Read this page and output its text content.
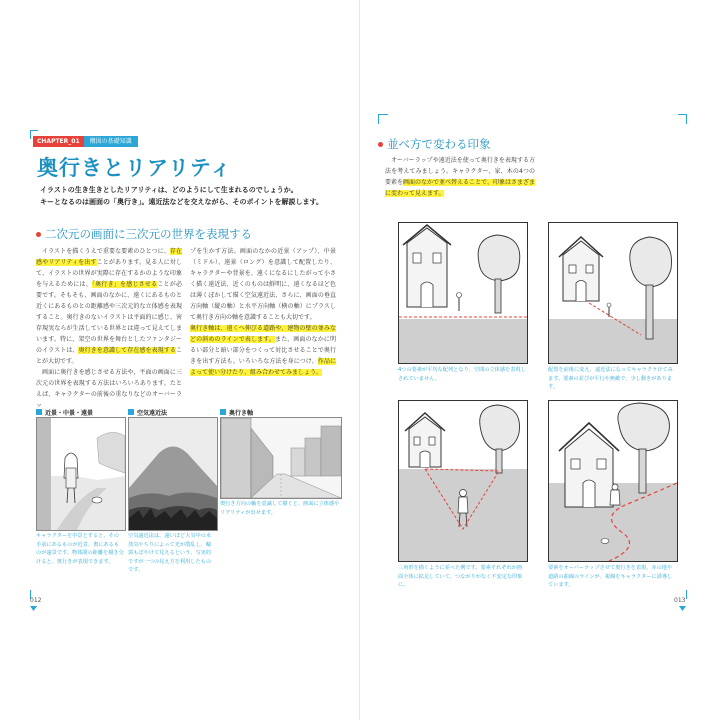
CHAPTER_01	構図の基礎知識
奥行きとリアリティ
イラストの生き生きとしたリアリティは、どのようにして生まれるのでしょうか。
キーとなるのは画面の「奥行き」。遠近法などを交えながら、そのポイントを解説します。
二次元の画面に三次元の世界を表現する
イラストを描くうえで重要な要素のひとつに、存在感やリアリティを出すことがあります。見る人に対して、イラストの世界が実際に存在するかのような印象を与えるためには、「奥行き」を感じさせることが必要です。そもそも、画面のなかに、遠くにあるものと近くにあるものとの距離感や三次元的な立体感を表現すること。奥行きのないイラストは平面的に感じ、害存現実ならが生活している世界とは違って見えてしまいます。特に、架空の世界を舞台としたファンタジーのイラストは、奥行きを意識して存在感を表現することが大切です。
画面に奥行きを感じさせる方法や、平面の画面に三次元の世界を表現する方法はいろいろあります。たとえば、キャラクターの前後の重なりなどのオーバーラッ
プを生かす方法。画面のなかの近景（アップ）、中景（ミドル）、遠景（ロング）を意識して配置したり、キャラクターや背景を、遠くになるにしたがって小さく描く遠近法、近くのものは鮮明に、遠くなるほど色は薄くぼかして描く空気遠近法、さらに、画面の垂直方向軸（縦の軸）と水平方向軸（横の軸）にプラスして奥行き方向の軸を意識することも大切です。
奥行き軸は、遠くへ伸びる道路や、建物の壁の並みなどの斜めのラインで表します。また、画面のなかに明るい部分と暗い部分をつくって対比させることで奥行きを出す方法も。いろいろな方法を身につけ、作品によって使い分けたり、組み合わせてみましょう。
近景・中景・遠景
キャラクターを中景とすると、その手前にあるものが近景、奥にあるものが遠景です。物体間の距離を描き分けると、奥行きが表現できます。
空気遠近法
空気遠近法は、遠いほど大気中の水蒸気やちりによって光が散乱し、輪郭もぼやけて見えるという、写実的ですが一つの見え方を利用したものです。
奥行き軸
奥行き方向の軸を意識して描くと、画面に立体感やリアリティが出せます。
012
並べ方で変わる印象
オーバーラップや遠近法を使って奥行きを表現する方法を考えてみましょう。キャラクター、家、木の4つの要素を画面のなかで並べ替えることで、印象はさまざまに変わって見えます。
4つの要素が平均な配列となり、空間の立体感を表現しされていません。
配置を前後に変え、遠近法になってキャラクラけてみます。要素の並びが平行や無敵で、少し動きがあります。
三角形を描くように並べた例です。要素それぞれが画面全体に拡足していて、つながりがなく不安定な印象に。
要素をオーバーラップさせて奥行きを表現。赤の地や道路の曲線のラインが、視線をキャラクターに誘導しています。
013
